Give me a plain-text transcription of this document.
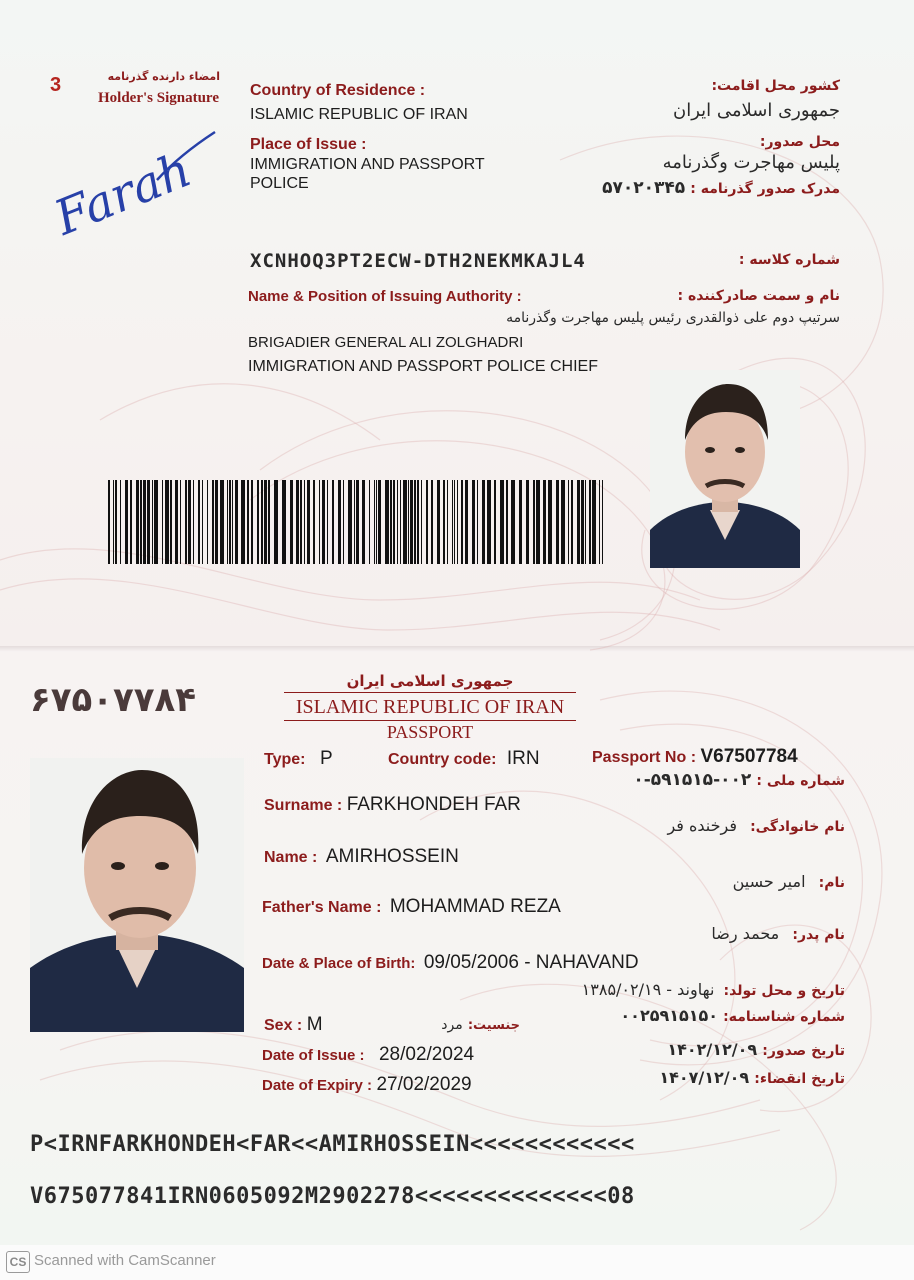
3	امضاء دارنده گذرنامه
Holder's Signature
Farah
Country of Residence :
ISLAMIC REPUBLIC OF IRAN
کشور محل اقامت:
جمهوری اسلامی ایران
Place of Issue :
IMMIGRATION AND PASSPORT
POLICE
محل صدور:
پلیس مهاجرت وگذرنامه
مدرک صدور گذرنامه : ۵۷۰۲۰۳۴۵
XCNHOQ3PT2ECW-DTH2NEKMKAJL4	شماره کلاسه :
Name & Position of Issuing Authority :	نام و سمت صادرکننده :
سرتیپ دوم علی ذوالقدری رئیس پلیس مهاجرت وگذرنامه
BRIGADIER GENERAL ALI ZOLGHADRI
IMMIGRATION AND PASSPORT POLICE CHIEF
۶۷۵۰۷۷۸۴	جمهوری اسلامی ایران
ISLAMIC REPUBLIC OF IRAN
PASSPORT
Type: P	Country code: IRN	Passport No : V67507784
شماره ملی : ۰۰۲-۵۹۱۵۱۵-۰
Surname : FARKHONDEH FAR
نام خانوادگی: فرخنده فر
Name : AMIRHOSSEIN
نام: امیر حسین
Father's Name : MOHAMMAD REZA
نام پدر: محمد رضا
Date & Place of Birth: 09/05/2006 - NAHAVAND
تاریخ و محل تولد: نهاوند - ۱۳۸۵/۰۲/۱۹
شماره شناسنامه: ۰۰۲۵۹۱۵۱۵۰
Sex : M	جنسیت: مرد
Date of Issue : 28/02/2024	تاریخ صدور: ۱۴۰۲/۱۲/۰۹
Date of Expiry : 27/02/2029	تاریخ انقضاء: ۱۴۰۷/۱۲/۰۹
P<IRNFARKHONDEH<FAR<<AMIRHOSSEIN<<<<<<<<<<<<
V675077841IRN0605092M2902278<<<<<<<<<<<<<<08
CS Scanned with CamScanner
